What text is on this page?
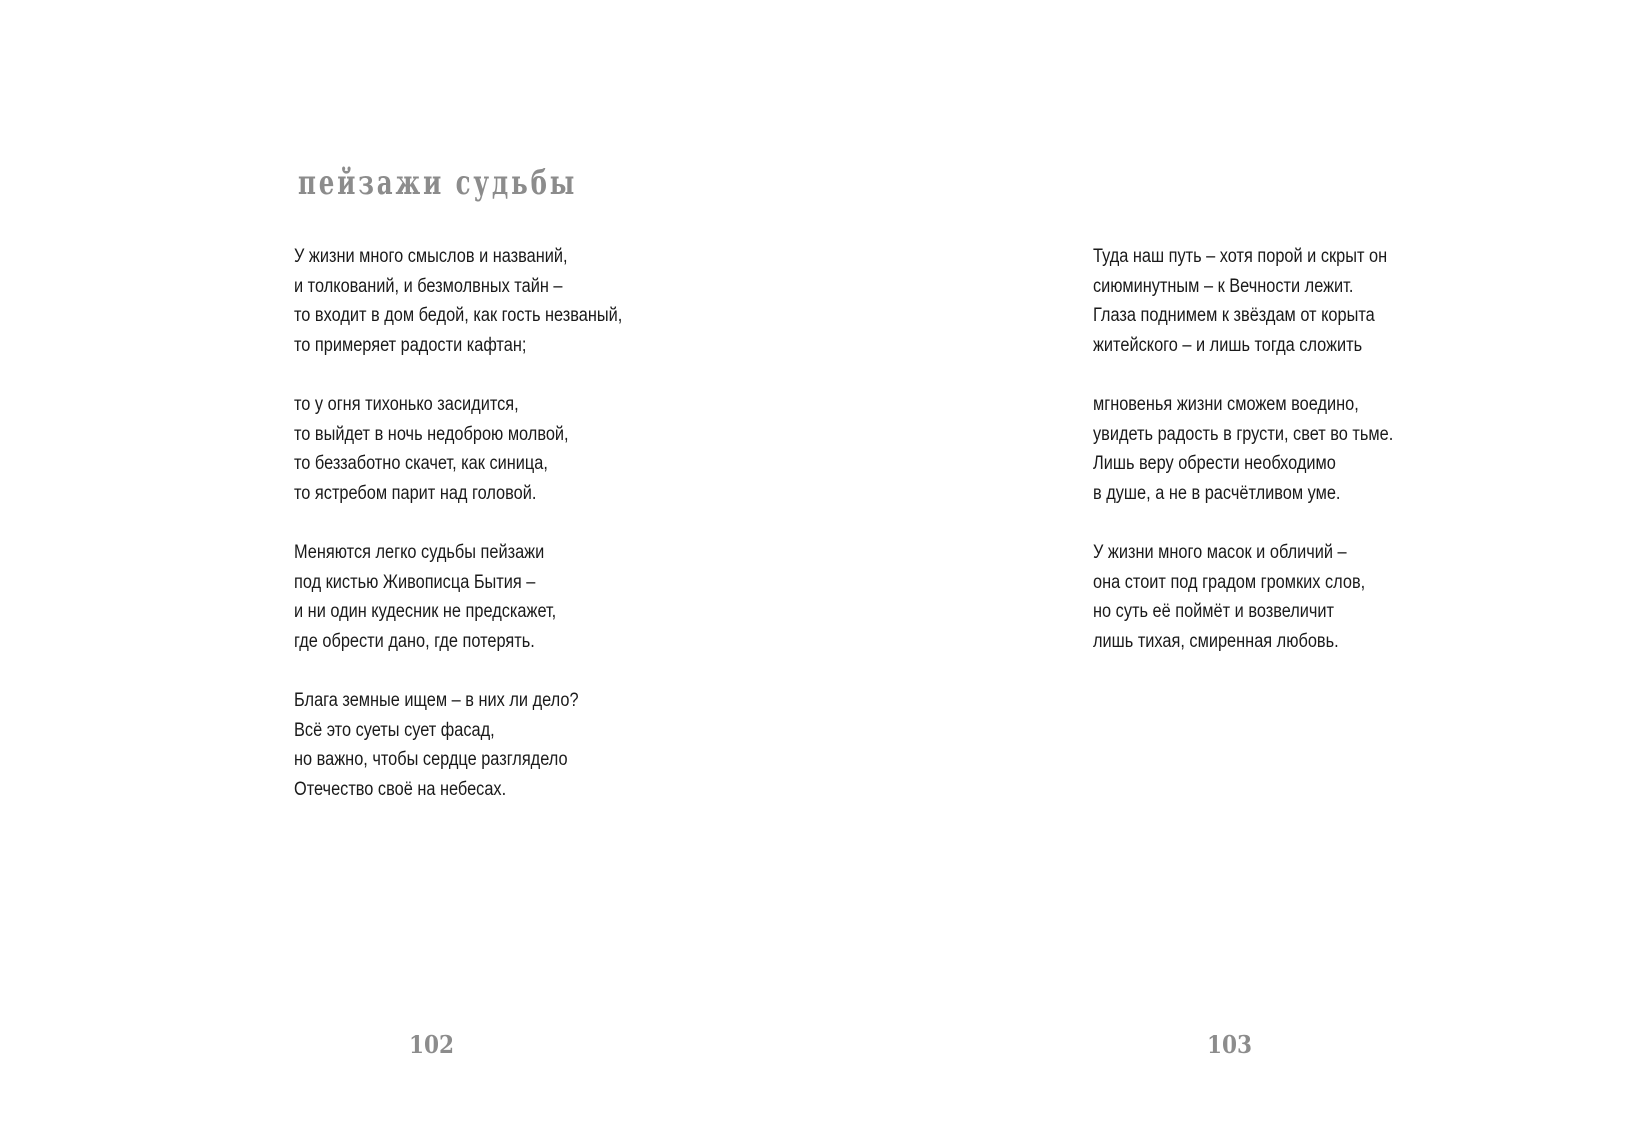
пейзажи судьбы
У жизни много смыслов и названий,
и толкований, и безмолвных тайн –
то входит в дом бедой, как гость незваный,
то примеряет радости кафтан;
то у огня тихонько засидится,
то выйдет в ночь недоброю молвой,
то беззаботно скачет, как синица,
то ястребом парит над головой.
Меняются легко судьбы пейзажи
под кистью Живописца Бытия –
и ни один кудесник не предскажет,
где обрести дано, где потерять.
Блага земные ищем – в них ли дело?
Всё это суеты сует фасад,
но важно, чтобы сердце разглядело
Отечество своё на небесах.
102
Туда наш путь – хотя порой и скрыт он
сиюминутным – к Вечности лежит.
Глаза поднимем к звёздам от корыта
житейского – и лишь тогда сложить
мгновенья жизни сможем воедино,
увидеть радость в грусти, свет во тьме.
Лишь веру обрести необходимо
в душе, а не в расчётливом уме.
У жизни много масок и обличий –
она стоит под градом громких слов,
но суть её поймёт и возвеличит
лишь тихая, смиренная любовь.
103
